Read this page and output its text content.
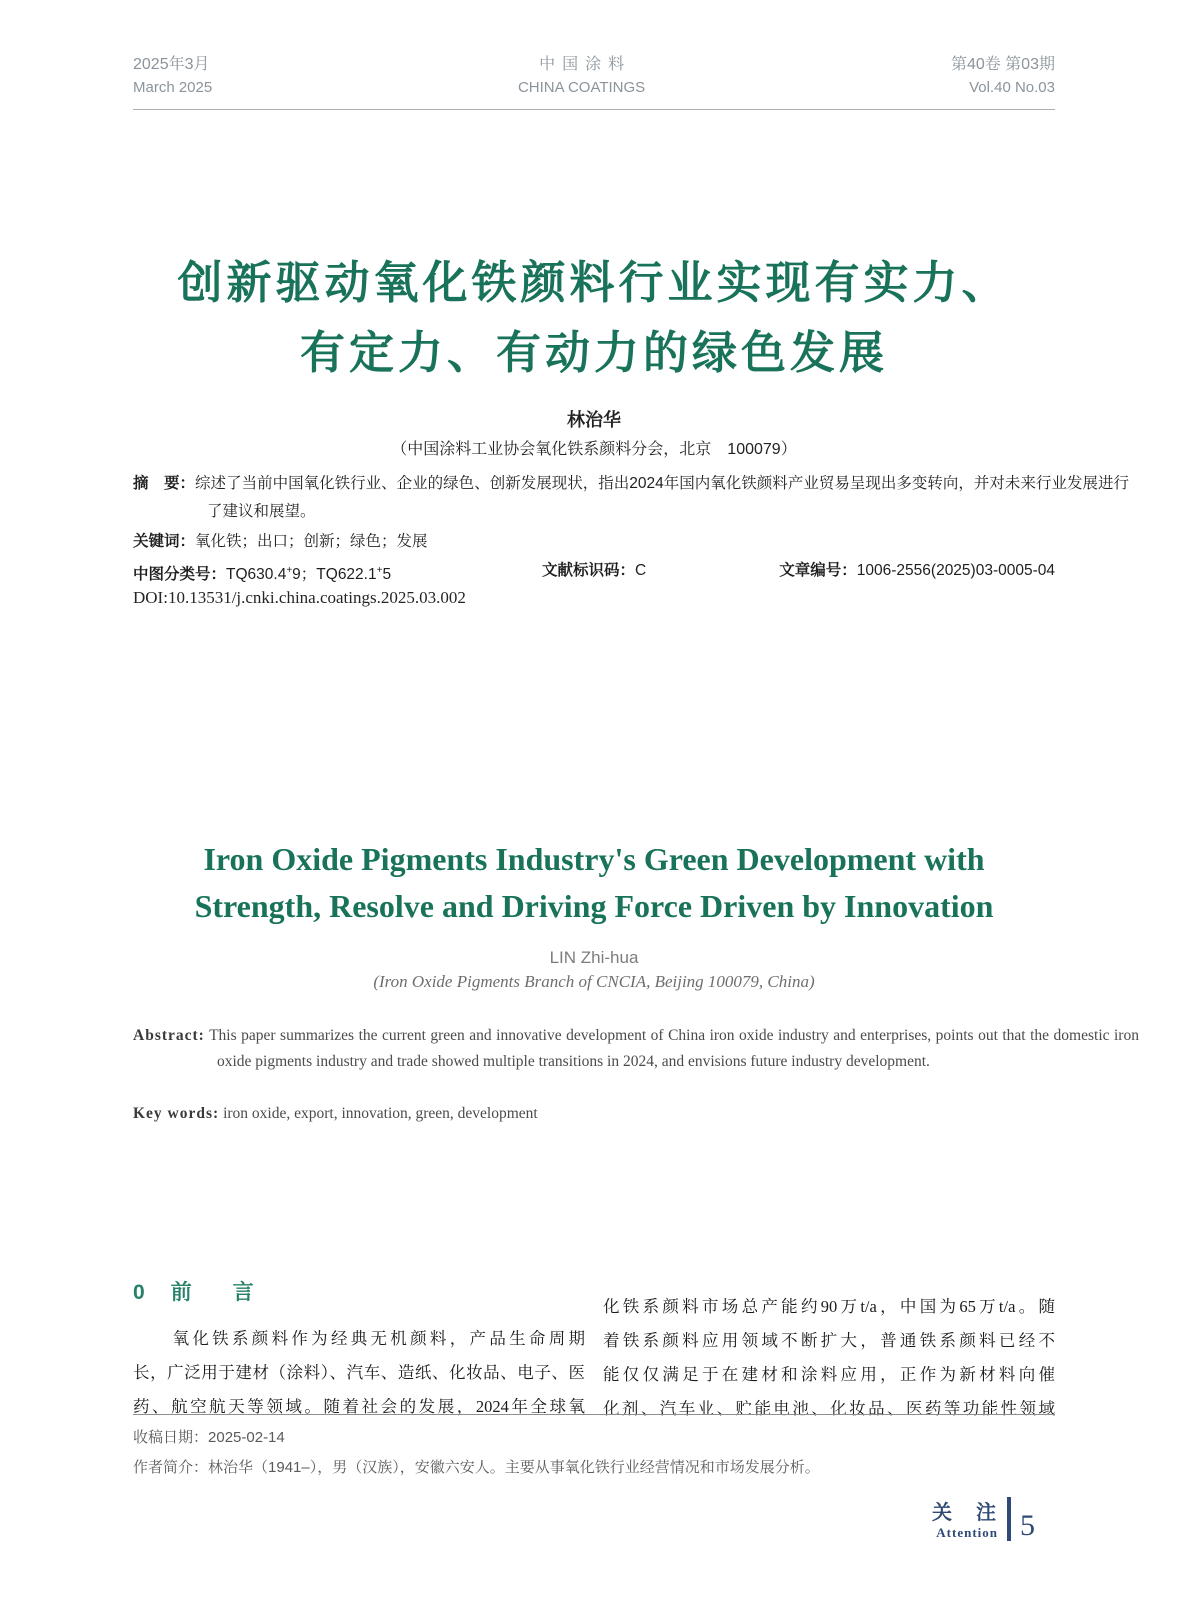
2025年3月
March 2025
中国涂料
CHINA COATINGS
第40卷 第03期
Vol.40 No.03
创新驱动氧化铁颜料行业实现有实力、
有定力、有动力的绿色发展
林治华
（中国涂料工业协会氧化铁系颜料分会，北京　100079）

摘　要：综述了当前中国氧化铁行业、企业的绿色、创新发展现状，指出2024年国内氧化铁颜料产业贸易呈现出多变转向，并对未来行业发展进行了建议和展望。

关键词：氧化铁；出口；创新；绿色；发展

中图分类号：TQ630.4+9；TQ622.1+5	文献标识码：C	文章编号：1006-2556(2025)03-0005-04
DOI:10.13531/j.cnki.china.coatings.2025.03.002
Iron Oxide Pigments Industry's Green Development with
Strength, Resolve and Driving Force Driven by Innovation
LIN Zhi-hua
(Iron Oxide Pigments Branch of CNCIA, Beijing 100079, China)

Abstract: This paper summarizes the current green and innovative development of China iron oxide industry and enterprises, points out that the domestic iron oxide pigments industry and trade showed multiple transitions in 2024, and envisions future industry development.

Key words: iron oxide, export, innovation, green, development

0 前　言
　　氧化铁系颜料作为经典无机颜料，产品生命周期
长，广泛用于建材（涂料）、汽车、造纸、化妆品、电子、医
药、航空航天等领域。随着社会的发展，2024年全球氧
化铁系颜料市场总产能约90万t/a，中国为65万t/a。随
着铁系颜料应用领域不断扩大，普通铁系颜料已经不
能仅仅满足于在建材和涂料应用，正作为新材料向催
化剂、汽车业、贮能电池、化妆品、医药等功能性领域
收稿日期：2025-02-14
作者简介：林治华（1941–），男（汉族），安徽六安人。主要从事氧化铁行业经营情况和市场发展分析。
关　注
Attention 5
